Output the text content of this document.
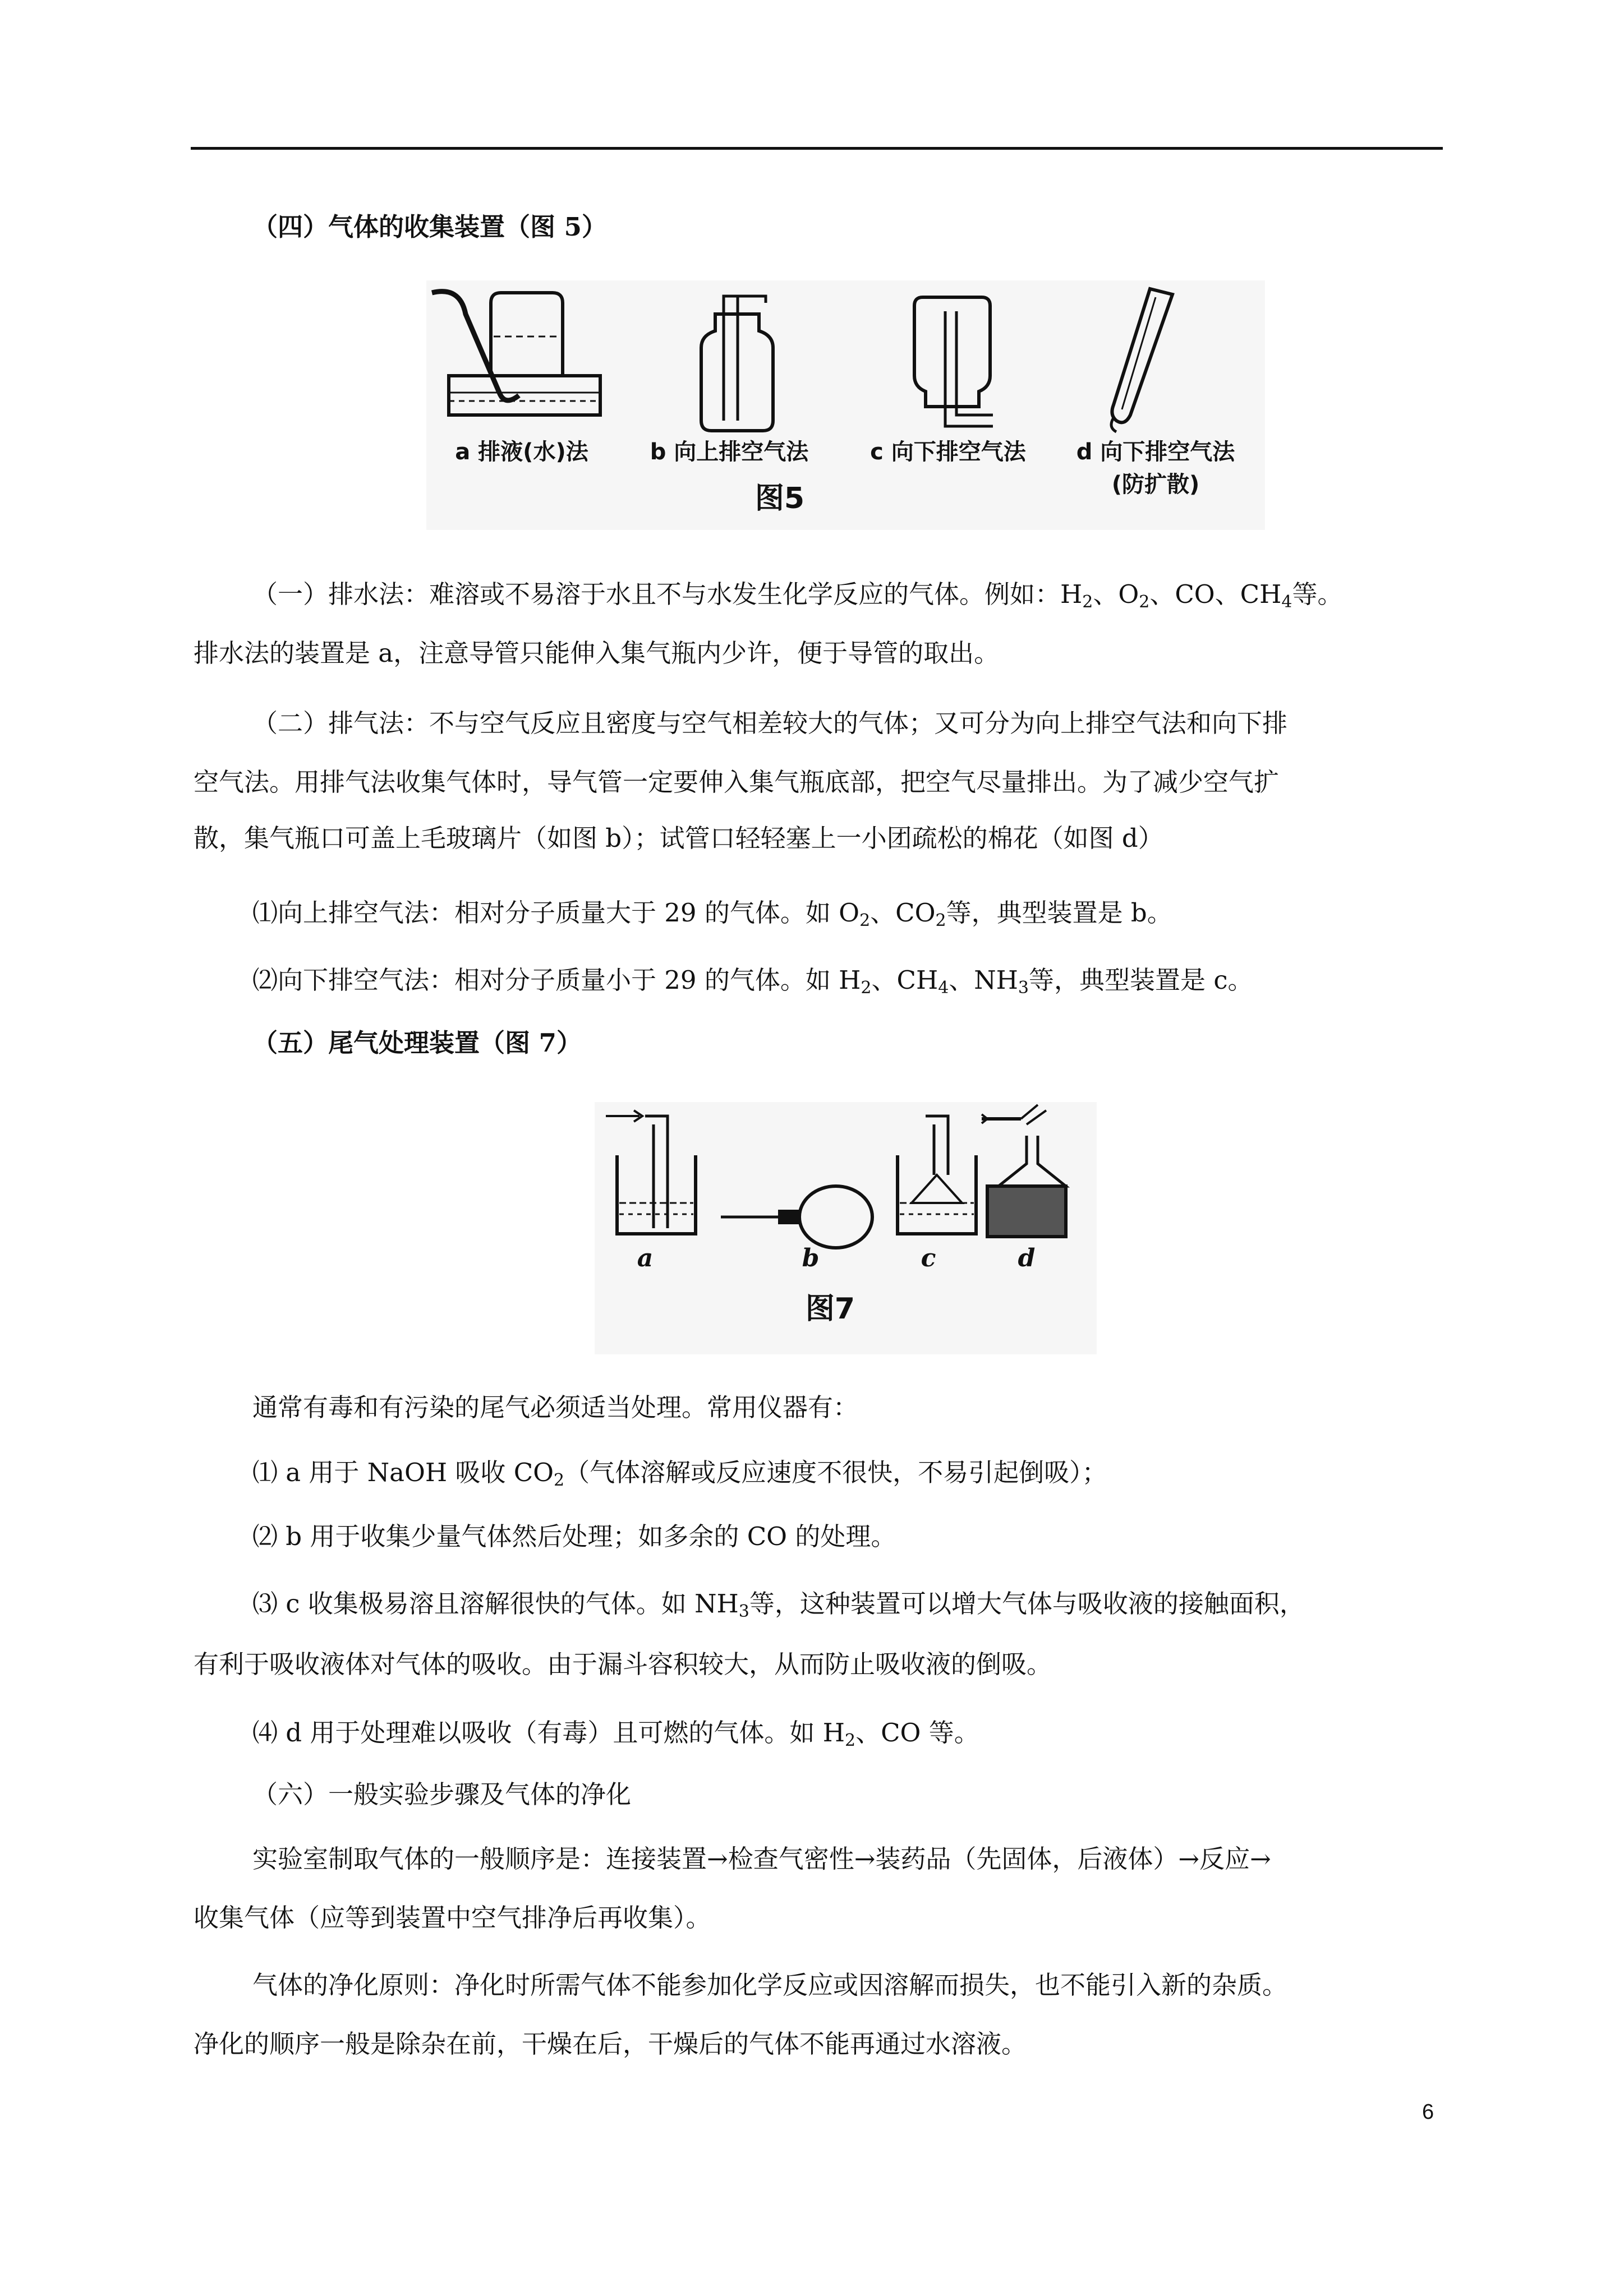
（四）气体的收集装置（图 5）
a 排液(水)法	b 向上排空气法	c 向下排空气法	d 向下排空气法
(防扩散)
图5
（一）排水法：难溶或不易溶于水且不与水发生化学反应的气体。例如：$H_2$、$O_2$、CO、$CH_4$等。
排水法的装置是 a，注意导管只能伸入集气瓶内少许，便于导管的取出。
（二）排气法：不与空气反应且密度与空气相差较大的气体；又可分为向上排空气法和向下排
空气法。用排气法收集气体时，导气管一定要伸入集气瓶底部，把空气尽量排出。为了减少空气扩
散，集气瓶口可盖上毛玻璃片（如图 b）；试管口轻轻塞上一小团疏松的棉花（如图 d）
⑴向上排空气法：相对分子质量大于 29 的气体。如 $O_2$、$CO_2$等，典型装置是 b。
⑵向下排空气法：相对分子质量小于 29 的气体。如 $H_2$、$CH_4$、$NH_3$等，典型装置是 c。
（五）尾气处理装置（图 7）
a	b	c	d
图7
通常有毒和有污染的尾气必须适当处理。常用仪器有：
⑴ a 用于 NaOH 吸收 $CO_2$（气体溶解或反应速度不很快，不易引起倒吸）；
⑵ b 用于收集少量气体然后处理；如多余的 CO 的处理。
⑶ c 收集极易溶且溶解很快的气体。如 $NH_3$等，这种装置可以增大气体与吸收液的接触面积，
有利于吸收液体对气体的吸收。由于漏斗容积较大，从而防止吸收液的倒吸。
⑷ d 用于处理难以吸收（有毒）且可燃的气体。如 $H_2$、CO 等。
（六）一般实验步骤及气体的净化
实验室制取气体的一般顺序是：连接装置→检查气密性→装药品（先固体，后液体）→反应→
收集气体（应等到装置中空气排净后再收集）。
气体的净化原则：净化时所需气体不能参加化学反应或因溶解而损失，也不能引入新的杂质。
净化的顺序一般是除杂在前，干燥在后，干燥后的气体不能再通过水溶液。
6
